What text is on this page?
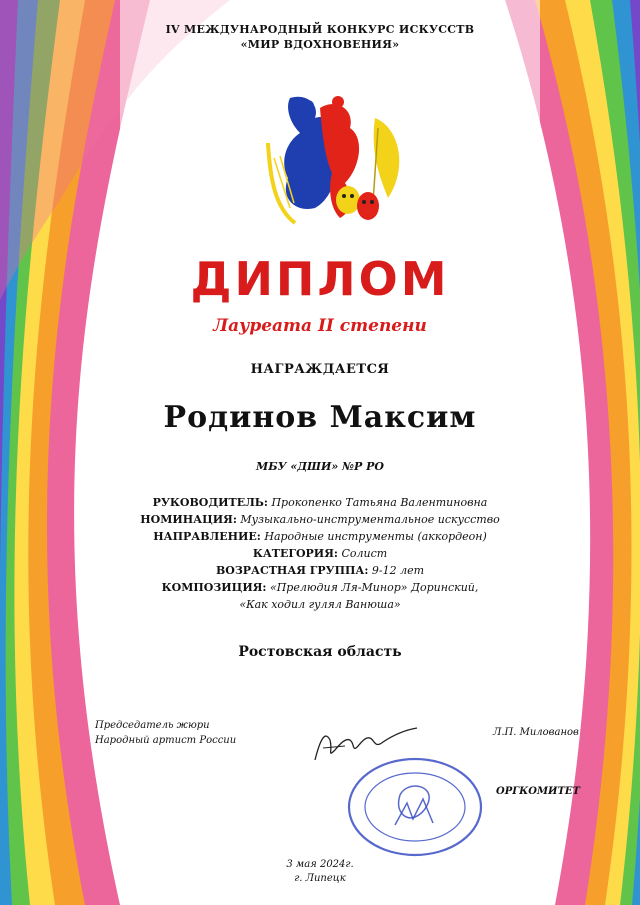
IV МЕЖДУНАРОДНЫЙ КОНКУРС ИСКУССТВ
«МИР ВДОХНОВЕНИЯ»
ДИПЛОМ
Лауреата II степени
НАГРАЖДАЕТСЯ
Родинов Максим
МБУ «ДШИ» №Р РО
РУКОВОДИТЕЛЬ: Прокопенко Татьяна Валентиновна
НОМИНАЦИЯ: Музыкально-инструментальное искусство
НАПРАВЛЕНИЕ: Народные инструменты (аккордеон)
КАТЕГОРИЯ: Солист
ВОЗРАСТНАЯ ГРУППА: 9-12 лет
КОМПОЗИЦИЯ: «Прелюдия Ля-Минор» Доринский,
«Как ходил гулял Ванюша»
Ростовская область
Председатель жюри
Народный артист России
Л.П. Милованов
ОРГКОМИТЕТ
3 мая 2024г.
г. Липецк
